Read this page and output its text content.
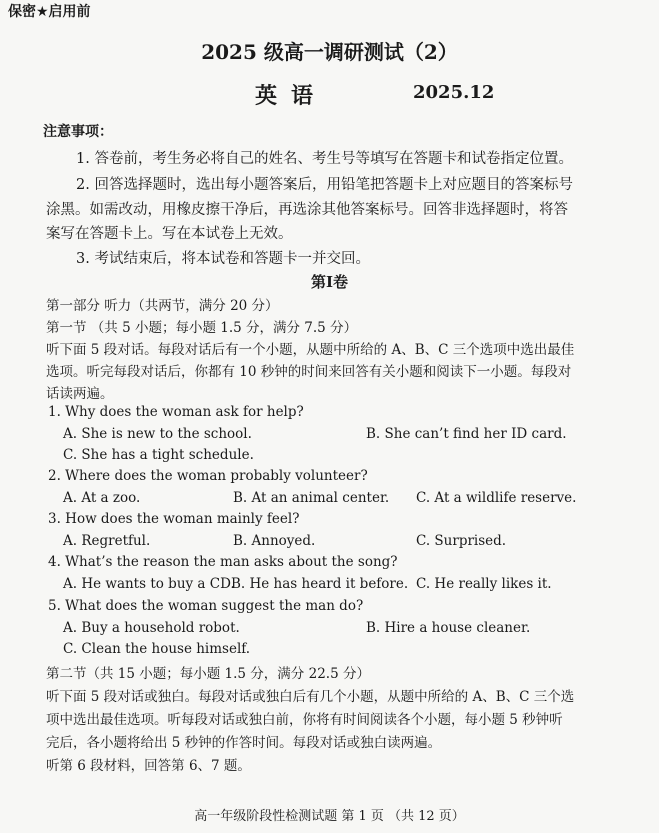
保密★启用前
2025 级高一调研测试（2）
英语	2025.12
注意事项：
1. 答卷前，考生务必将自己的姓名、考生号等填写在答题卡和试卷指定位置。
2. 回答选择题时，选出每小题答案后，用铅笔把答题卡上对应题目的答案标号
涂黑。如需改动，用橡皮擦干净后，再选涂其他答案标号。回答非选择题时，将答
案写在答题卡上。写在本试卷上无效。
3. 考试结束后，将本试卷和答题卡一并交回。
第Ⅰ卷
第一部分 听力（共两节，满分 20 分）
第一节 （共 5 小题；每小题 1.5 分，满分 7.5 分）
听下面 5 段对话。每段对话后有一个小题，从题中所给的 A、B、C 三个选项中选出最佳
选项。听完每段对话后，你都有 10 秒钟的时间来回答有关小题和阅读下一小题。每段对
话读两遍。
1. Why does the woman ask for help?
A. She is new to the school.	B. She can’t find her ID card.
C. She has a tight schedule.
2. Where does the woman probably volunteer?
A. At a zoo.	B. At an animal center. C. At a wildlife reserve.
3. How does the woman mainly feel?
A. Regretful.	B. Annoyed.	C. Surprised.
4. What’s the reason the man asks about the song?
A. He wants to buy a CD.
B. He has heard it before. C. He really likes it.
5. What does the woman suggest the man do?
A. Buy a household robot.	B. Hire a house cleaner.
C. Clean the house himself.
第二节（共 15 小题；每小题 1.5 分，满分 22.5 分）
听下面 5 段对话或独白。每段对话或独白后有几个小题，从题中所给的 A、B、C 三个选
项中选出最佳选项。听每段对话或独白前，你将有时间阅读各个小题，每小题 5 秒钟听
完后，各小题将给出 5 秒钟的作答时间。每段对话或独白读两遍。
听第 6 段材料，回答第 6、7 题。
高一年级阶段性检测试题 第 1 页 （共 12 页）
